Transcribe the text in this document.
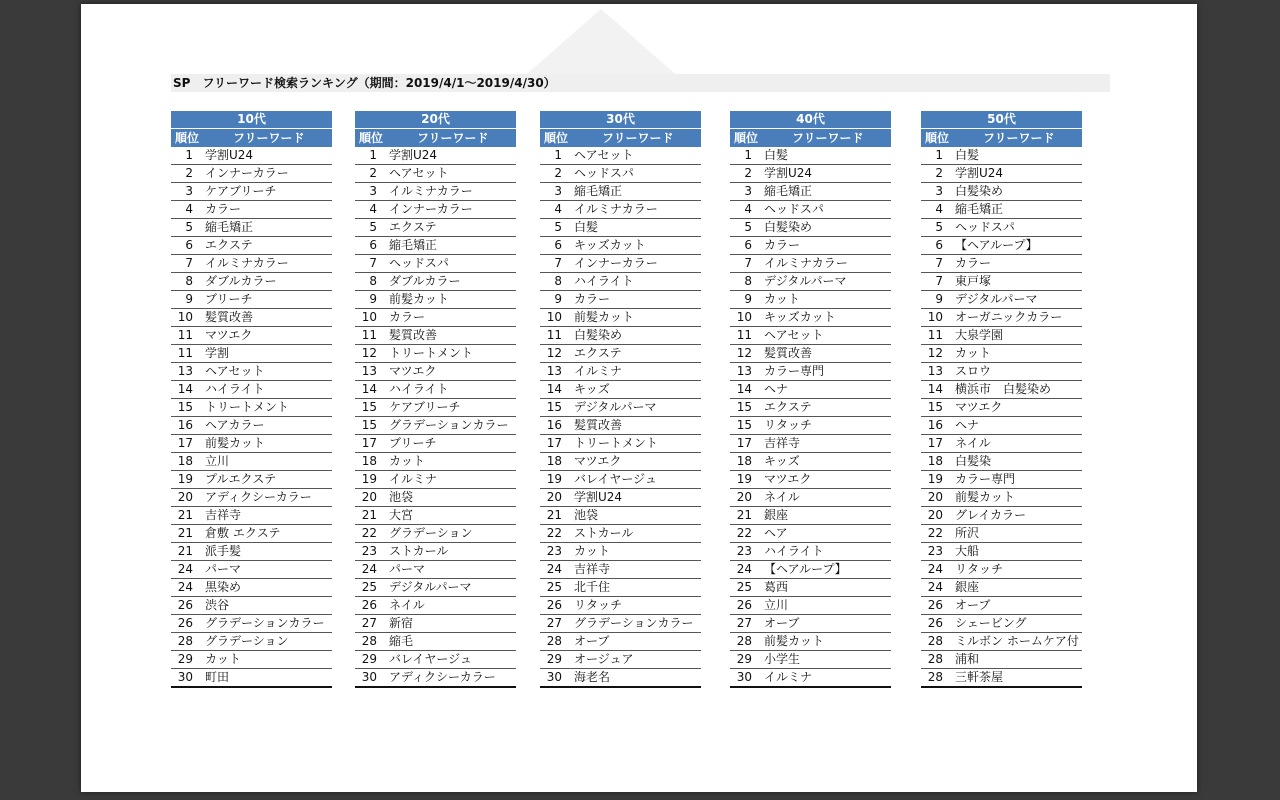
SP　フリーワード検索ランキング（期間：2019/4/1～2019/4/30）
10代
順位	フリーワード
1 学割U24
2 インナーカラー
3 ケアブリーチ
4 カラー
5 縮毛矯正
6 エクステ
7 イルミナカラー
8 ダブルカラー
9 ブリーチ
10 髪質改善
11 マツエク
11 学割
13 ヘアセット
14 ハイライト
15 トリートメント
16 ヘアカラー
17 前髪カット
18 立川
19 プルエクステ
20 アディクシーカラー
21 吉祥寺
21 倉敷 エクステ
21 派手髪
24 パーマ
24 黒染め
26 渋谷
26 グラデーションカラー
28 グラデーション
29 カット
30 町田
20代
順位	フリーワード
1 学割U24
2 ヘアセット
3 イルミナカラー
4 インナーカラー
5 エクステ
6 縮毛矯正
7 ヘッドスパ
8 ダブルカラー
9 前髪カット
10 カラー
11 髪質改善
12 トリートメント
13 マツエク
14 ハイライト
15 ケアブリーチ
15 グラデーションカラー
17 ブリーチ
18 カット
19 イルミナ
20 池袋
21 大宮
22 グラデーション
23 ストカール
24 パーマ
25 デジタルパーマ
26 ネイル
27 新宿
28 縮毛
29 バレイヤージュ
30 アディクシーカラー
30代
順位	フリーワード
1 ヘアセット
2 ヘッドスパ
3 縮毛矯正
4 イルミナカラー
5 白髪
6 キッズカット
7 インナーカラー
8 ハイライト
9 カラー
10 前髪カット
11 白髪染め
12 エクステ
13 イルミナ
14 キッズ
15 デジタルパーマ
16 髪質改善
17 トリートメント
18 マツエク
19 バレイヤージュ
20 学割U24
21 池袋
22 ストカール
23 カット
24 吉祥寺
25 北千住
26 リタッチ
27 グラデーションカラー
28 オーブ
29 オージュア
30 海老名
40代
順位	フリーワード
1 白髪
2 学割U24
3 縮毛矯正
4 ヘッドスパ
5 白髪染め
6 カラー
7 イルミナカラー
8 デジタルパーマ
9 カット
10 キッズカット
11 ヘアセット
12 髪質改善
13 カラー専門
14 ヘナ
15 エクステ
15 リタッチ
17 吉祥寺
18 キッズ
19 マツエク
20 ネイル
21 銀座
22 ヘア
23 ハイライト
24 【ヘアループ】
25 葛西
26 立川
27 オーブ
28 前髪カット
29 小学生
30 イルミナ
50代
順位	フリーワード
1 白髪
2 学割U24
3 白髪染め
4 縮毛矯正
5 ヘッドスパ
6 【ヘアループ】
7 カラー
7 東戸塚
9 デジタルパーマ
10 オーガニックカラー
11 大泉学園
12 カット
13 スロウ
14 横浜市　白髪染め
15 マツエク
16 ヘナ
17 ネイル
18 白髪染
19 カラー専門
20 前髪カット
20 グレイカラー
22 所沢
23 大船
24 リタッチ
24 銀座
26 オーブ
26 シェービング
28 ミルボン ホームケア付
28 浦和
28 三軒茶屋
